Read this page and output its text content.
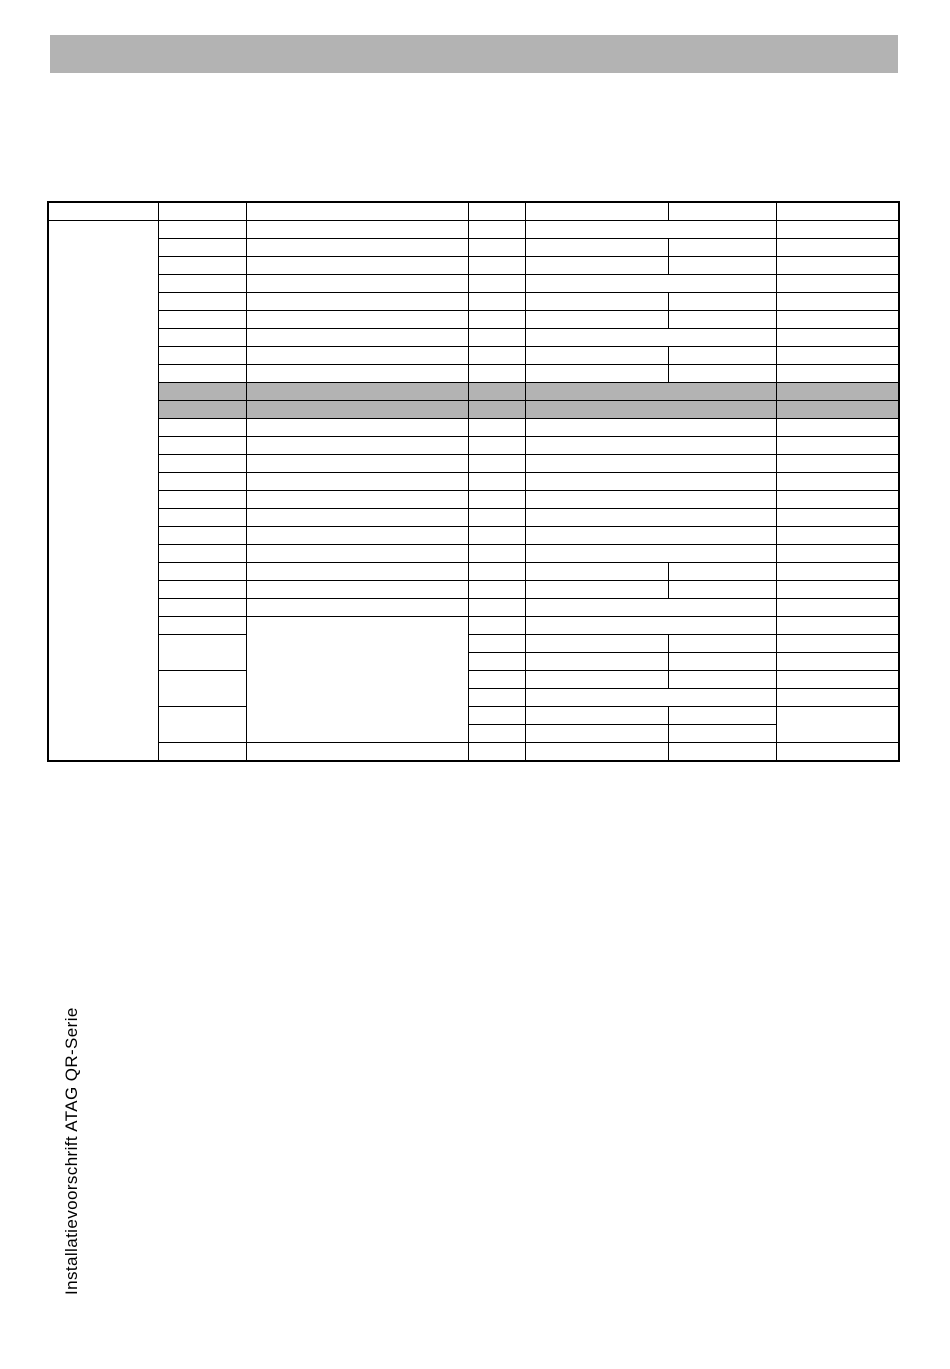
Installatievoorschrift ATAG QR-Serie
